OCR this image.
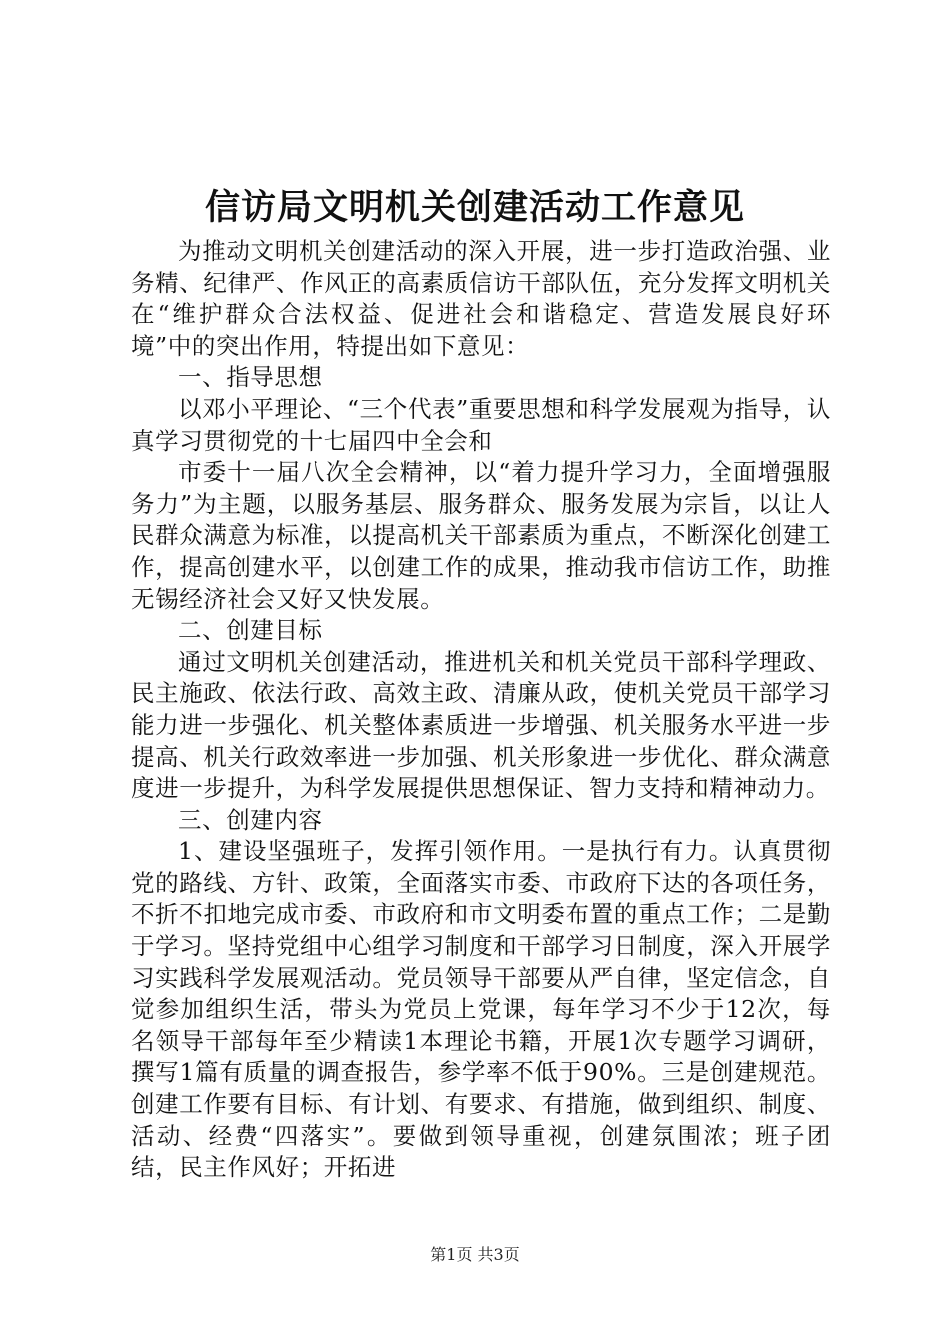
信访局文明机关创建活动工作意见

为推动文明机关创建活动的深入开展，进一步打造政治强、业务精、纪律严、作风正的高素质信访干部队伍，充分发挥文明机关在“维护群众合法权益、促进社会和谐稳定、营造发展良好环境”中的突出作用，特提出如下意见：

一、指导思想

以邓小平理论、“三个代表”重要思想和科学发展观为指导，认真学习贯彻党的十七届四中全会和

市委十一届八次全会精神，以“着力提升学习力，全面增强服务力”为主题，以服务基层、服务群众、服务发展为宗旨，以让人民群众满意为标准，以提高机关干部素质为重点，不断深化创建工作，提高创建水平，以创建工作的成果，推动我市信访工作，助推无锡经济社会又好又快发展。

二、创建目标

通过文明机关创建活动，推进机关和机关党员干部科学理政、民主施政、依法行政、高效主政、清廉从政，使机关党员干部学习能力进一步强化、机关整体素质进一步增强、机关服务水平进一步提高、机关行政效率进一步加强、机关形象进一步优化、群众满意度进一步提升，为科学发展提供思想保证、智力支持和精神动力。

三、创建内容

1、建设坚强班子，发挥引领作用。一是执行有力。认真贯彻党的路线、方针、政策，全面落实市委、市政府下达的各项任务，不折不扣地完成市委、市政府和市文明委布置的重点工作；二是勤于学习。坚持党组中心组学习制度和干部学习日制度，深入开展学习实践科学发展观活动。党员领导干部要从严自律，坚定信念，自觉参加组织生活，带头为党员上党课，每年学习不少于12次，每名领导干部每年至少精读1本理论书籍，开展1次专题学习调研，撰写1篇有质量的调查报告，参学率不低于90%。三是创建规范。创建工作要有目标、有计划、有要求、有措施，做到组织、制度、活动、经费“四落实”。要做到领导重视，创建氛围浓；班子团结，民主作风好；开拓进

第1页 共3页
